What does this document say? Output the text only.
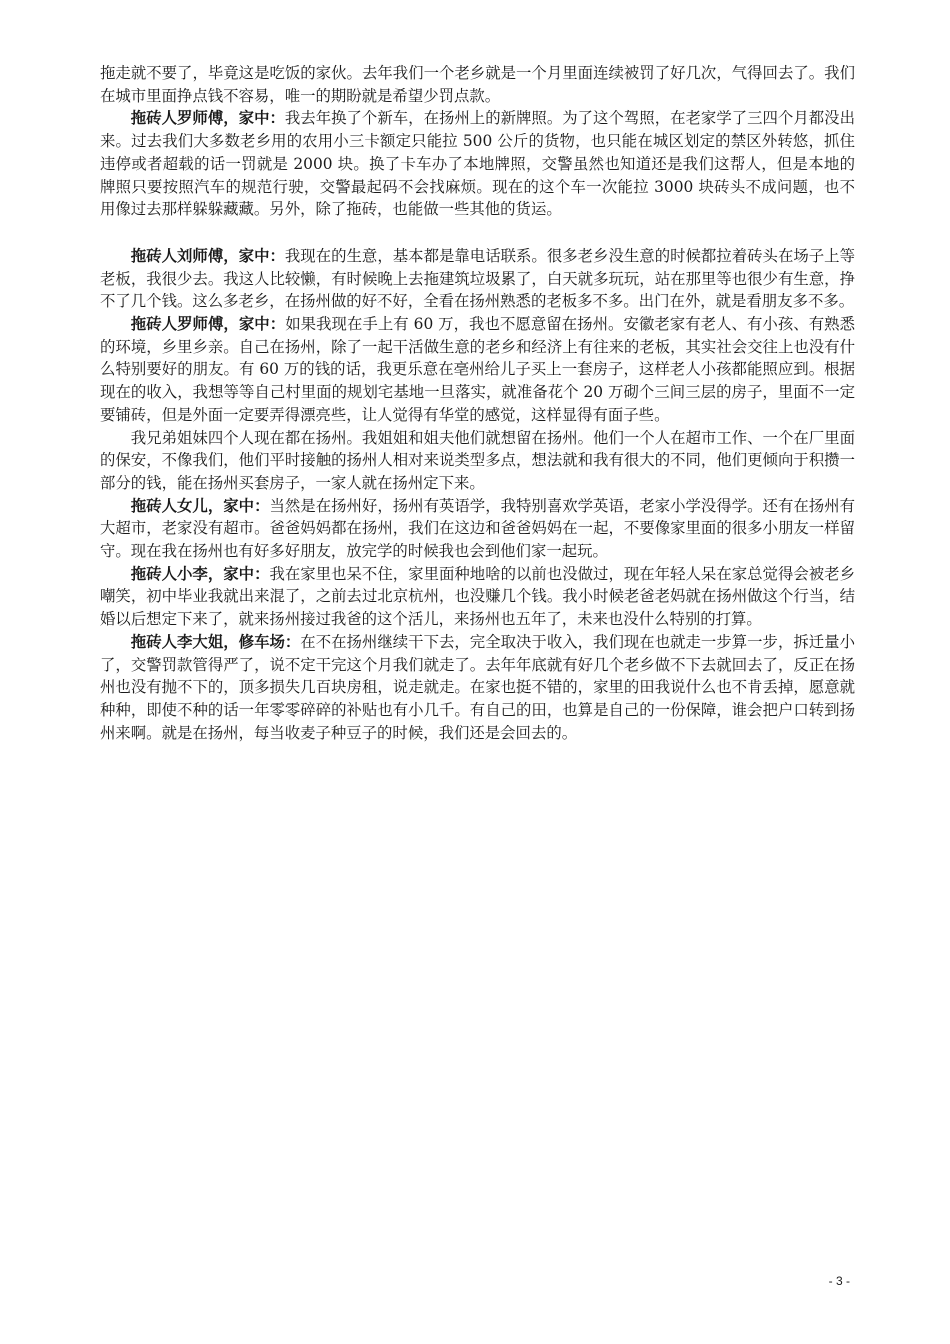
拖走就不要了，毕竟这是吃饭的家伙。去年我们一个老乡就是一个月里面连续被罚了好几次，气得回去了。我们在城市里面挣点钱不容易，唯一的期盼就是希望少罚点款。

拖砖人罗师傅，家中：我去年换了个新车，在扬州上的新牌照。为了这个驾照，在老家学了三四个月都没出来。过去我们大多数老乡用的农用小三卡额定只能拉 500 公斤的货物，也只能在城区划定的禁区外转悠，抓住违停或者超载的话一罚就是 2000 块。换了卡车办了本地牌照，交警虽然也知道还是我们这帮人，但是本地的牌照只要按照汽车的规范行驶，交警最起码不会找麻烦。现在的这个车一次能拉 3000 块砖头不成问题，也不用像过去那样躲躲藏藏。另外，除了拖砖，也能做一些其他的货运。

拖砖人刘师傅，家中：我现在的生意，基本都是靠电话联系。很多老乡没生意的时候都拉着砖头在场子上等老板，我很少去。我这人比较懒，有时候晚上去拖建筑垃圾累了，白天就多玩玩，站在那里等也很少有生意，挣不了几个钱。这么多老乡，在扬州做的好不好，全看在扬州熟悉的老板多不多。出门在外，就是看朋友多不多。

拖砖人罗师傅，家中：如果我现在手上有 60 万，我也不愿意留在扬州。安徽老家有老人、有小孩、有熟悉的环境，乡里乡亲。自己在扬州，除了一起干活做生意的老乡和经济上有往来的老板，其实社会交往上也没有什么特别要好的朋友。有 60 万的钱的话，我更乐意在亳州给儿子买上一套房子，这样老人小孩都能照应到。根据现在的收入，我想等等自己村里面的规划宅基地一旦落实，就准备花个 20 万砌个三间三层的房子，里面不一定要铺砖，但是外面一定要弄得漂亮些，让人觉得有华堂的感觉，这样显得有面子些。

我兄弟姐妹四个人现在都在扬州。我姐姐和姐夫他们就想留在扬州。他们一个人在超市工作、一个在厂里面的保安，不像我们，他们平时接触的扬州人相对来说类型多点，想法就和我有很大的不同，他们更倾向于积攒一部分的钱，能在扬州买套房子，一家人就在扬州定下来。

拖砖人女儿，家中：当然是在扬州好，扬州有英语学，我特别喜欢学英语，老家小学没得学。还有在扬州有大超市，老家没有超市。爸爸妈妈都在扬州，我们在这边和爸爸妈妈在一起，不要像家里面的很多小朋友一样留守。现在我在扬州也有好多好朋友，放完学的时候我也会到他们家一起玩。

拖砖人小李，家中：我在家里也呆不住，家里面种地啥的以前也没做过，现在年轻人呆在家总觉得会被老乡嘲笑，初中毕业我就出来混了，之前去过北京杭州，也没赚几个钱。我小时候老爸老妈就在扬州做这个行当，结婚以后想定下来了，就来扬州接过我爸的这个活儿，来扬州也五年了，未来也没什么特别的打算。

拖砖人李大姐，修车场：在不在扬州继续干下去，完全取决于收入，我们现在也就走一步算一步，拆迁量小了，交警罚款管得严了，说不定干完这个月我们就走了。去年年底就有好几个老乡做不下去就回去了，反正在扬州也没有抛不下的，顶多损失几百块房租，说走就走。在家也挺不错的，家里的田我说什么也不肯丢掉，愿意就种种，即使不种的话一年零零碎碎的补贴也有小几千。有自己的田，也算是自己的一份保障，谁会把户口转到扬州来啊。就是在扬州，每当收麦子种豆子的时候，我们还是会回去的。

- 3 -
